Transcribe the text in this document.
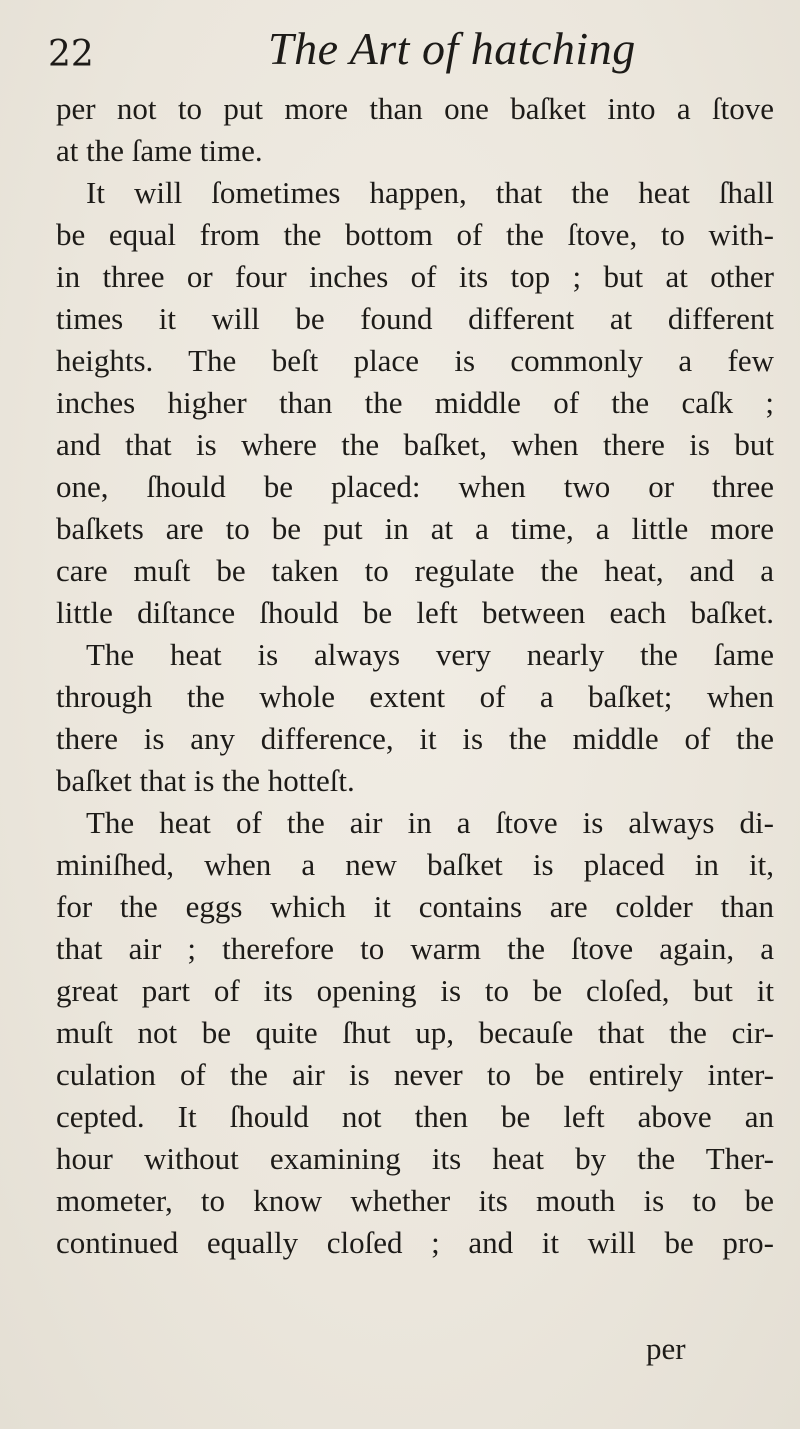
22	The Art of hatching
per not to put more than one baſket into a ſtove
at the ſame time.
It will ſometimes happen, that the heat ſhall
be equal from the bottom of the ſtove, to with-
in three or four inches of its top ; but at other
times it will be found different at different
heights. The beſt place is commonly a few
inches higher than the middle of the caſk ;
and that is where the baſket, when there is but
one, ſhould be placed: when two or three
baſkets are to be put in at a time, a little more
care muſt be taken to regulate the heat, and a
little diſtance ſhould be left between each baſket.
The heat is always very nearly the ſame
through the whole extent of a baſket; when
there is any difference, it is the middle of the
baſket that is the hotteſt.
The heat of the air in a ſtove is always di-
miniſhed, when a new baſket is placed in it,
for the eggs which it contains are colder than
that air ; therefore to warm the ſtove again, a
great part of its opening is to be cloſed, but it
muſt not be quite ſhut up, becauſe that the cir-
culation of the air is never to be entirely inter-
cepted. It ſhould not then be left above an
hour without examining its heat by the Ther-
mometer, to know whether its mouth is to be
continued equally cloſed ; and it will be pro-
per
